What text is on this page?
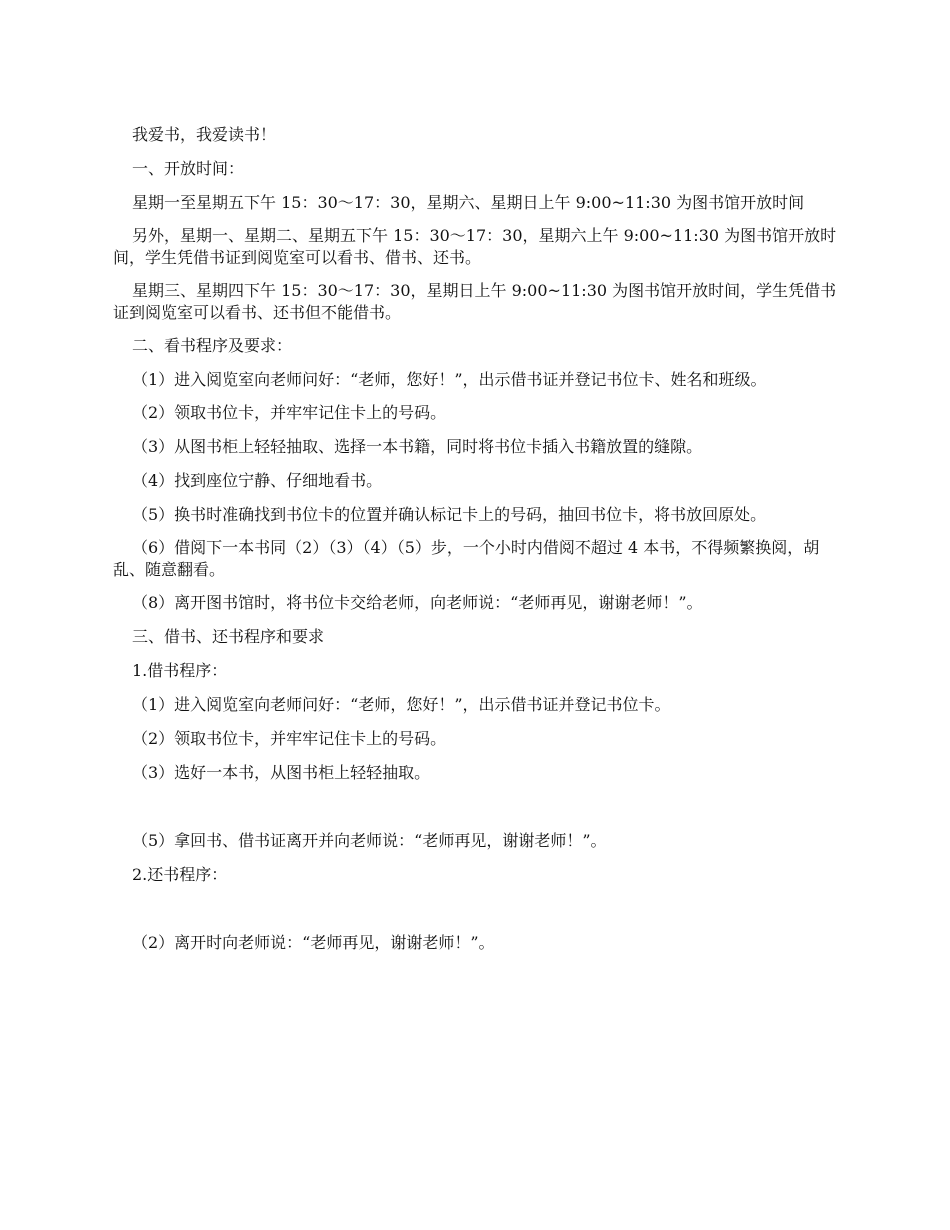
我爱书，我爱读书！

一、开放时间：

星期一至星期五下午 15：30～17：30，星期六、星期日上午 9:00~11:30 为图书馆开放时间

另外，星期一、星期二、星期五下午 15：30～17：30，星期六上午 9:00~11:30 为图书馆开放时间，学生凭借书证到阅览室可以看书、借书、还书。

星期三、星期四下午 15：30～17：30，星期日上午 9:00~11:30 为图书馆开放时间，学生凭借书证到阅览室可以看书、还书但不能借书。

二、看书程序及要求：

（1）进入阅览室向老师问好：“老师，您好！”，出示借书证并登记书位卡、姓名和班级。

（2）领取书位卡，并牢牢记住卡上的号码。

（3）从图书柜上轻轻抽取、选择一本书籍，同时将书位卡插入书籍放置的缝隙。

（4）找到座位宁静、仔细地看书。

（5）换书时准确找到书位卡的位置并确认标记卡上的号码，抽回书位卡，将书放回原处。

（6）借阅下一本书同（2）（3）（4）（5）步，一个小时内借阅不超过 4 本书，不得频繁换阅，胡乱、随意翻看。

（8）离开图书馆时，将书位卡交给老师，向老师说：“老师再见，谢谢老师！”。

三、借书、还书程序和要求

1.借书程序：

（1）进入阅览室向老师问好：“老师，您好！”，出示借书证并登记书位卡。

（2）领取书位卡，并牢牢记住卡上的号码。

（3）选好一本书，从图书柜上轻轻抽取。

（5）拿回书、借书证离开并向老师说：“老师再见，谢谢老师！”。

2.还书程序：

（2）离开时向老师说：“老师再见，谢谢老师！”。
